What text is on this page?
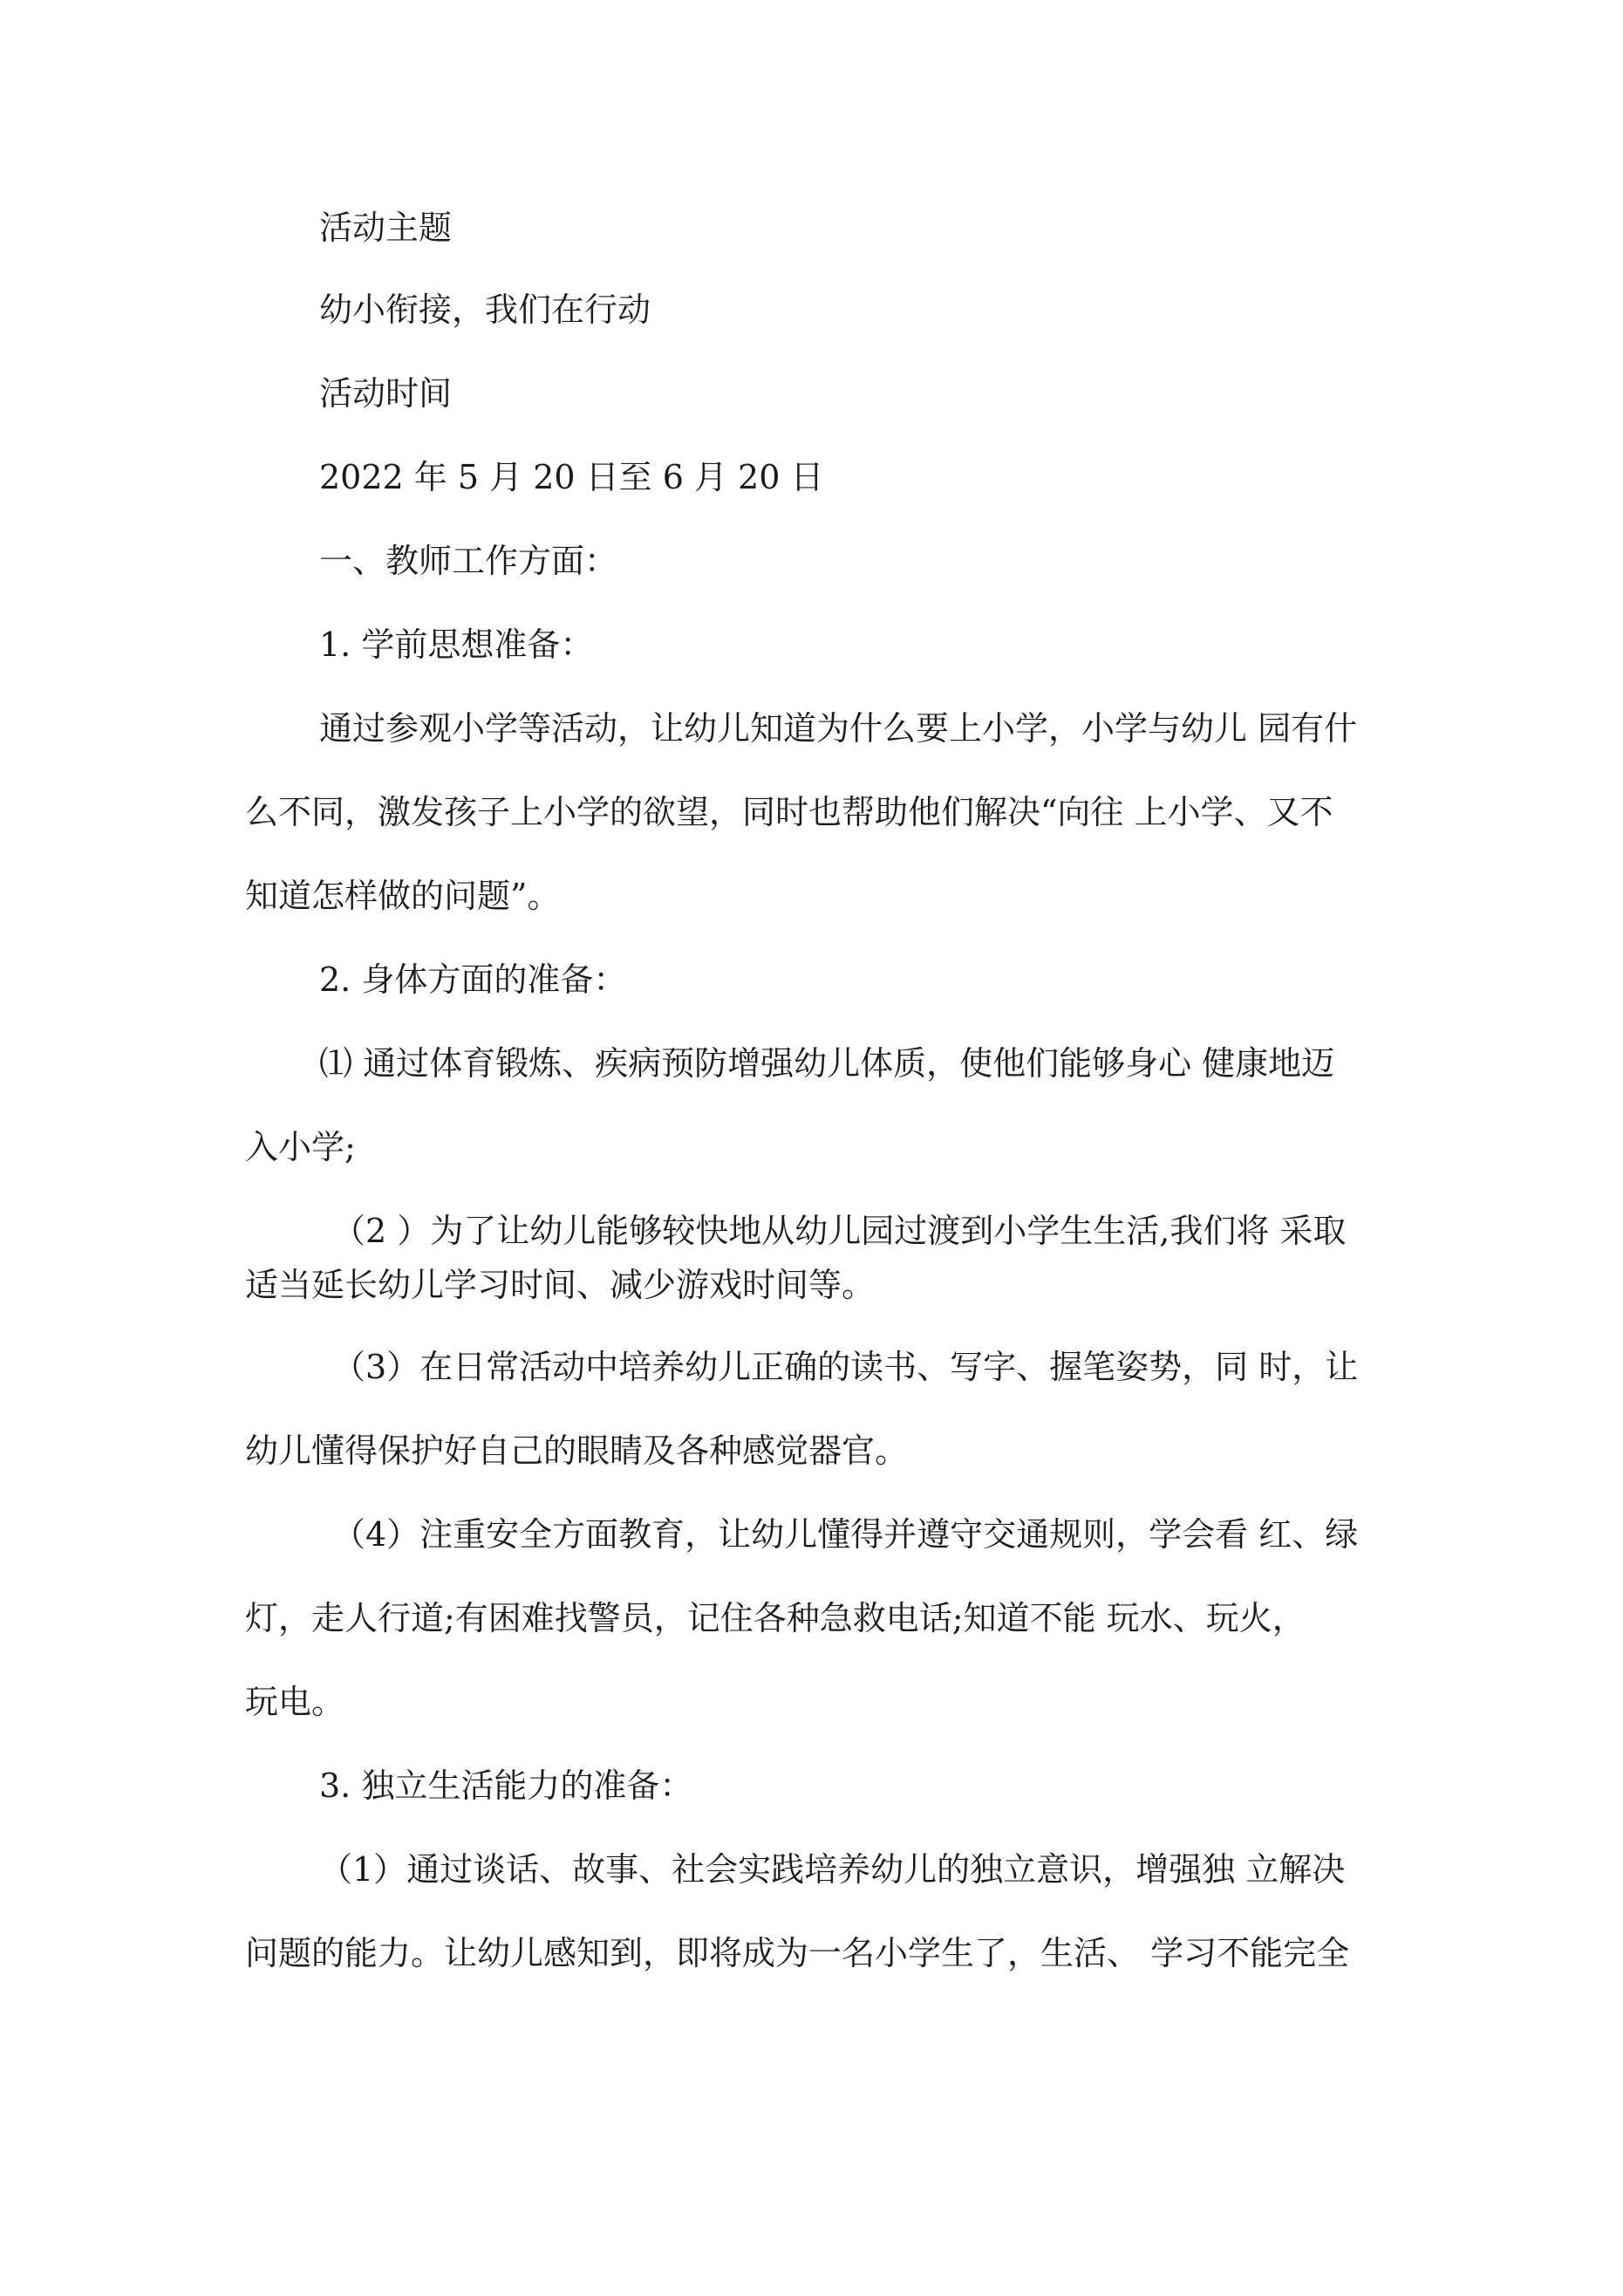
活动主题

幼小衔接，我们在行动

活动时间

2022 年 5 月 20 日至 6 月 20 日

一、教师工作方面：

1. 学前思想准备：

通过参观小学等活动，让幼儿知道为什么要上小学，小学与幼儿 园有什

么不同，激发孩子上小学的欲望，同时也帮助他们解决“向往 上小学、又不

知道怎样做的问题”。

2. 身体方面的准备：

⑴ 通过体育锻炼、疾病预防增强幼儿体质，使他们能够身心 健康地迈

入小学;

（2 ）为了让幼儿能够较快地从幼儿园过渡到小学生生活,我们将 采取

适当延长幼儿学习时间、减少游戏时间等。

（3）在日常活动中培养幼儿正确的读书、写字、握笔姿势，同 时，让

幼儿懂得保护好自己的眼睛及各种感觉器官。

（4）注重安全方面教育，让幼儿懂得并遵守交通规则，学会看 红、绿

灯，走人行道;有困难找警员，记住各种急救电话;知道不能 玩水、玩火，

玩电。

3. 独立生活能力的准备：

（1）通过谈话、故事、社会实践培养幼儿的独立意识，增强独 立解决

问题的能力。让幼儿感知到，即将成为一名小学生了，生活、 学习不能完全
